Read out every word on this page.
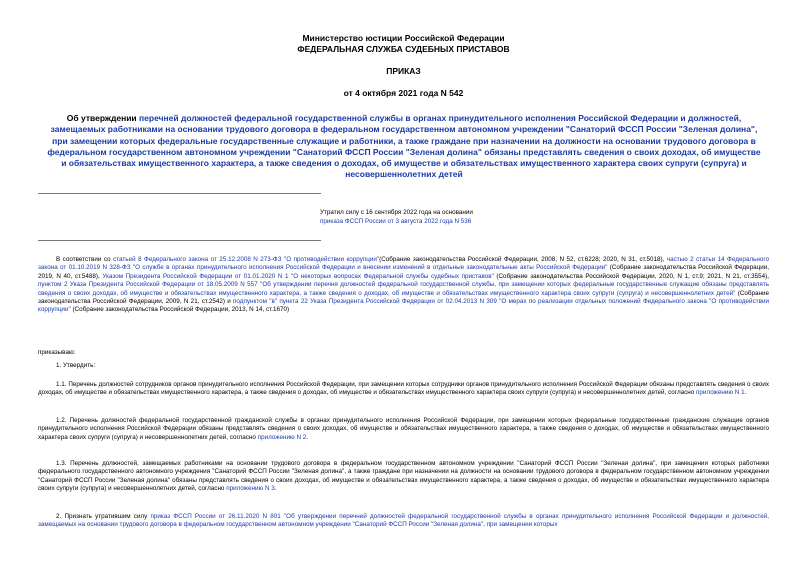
Министерство юстиции Российской Федерации
ФЕДЕРАЛЬНАЯ СЛУЖБА СУДЕБНЫХ ПРИСТАВОВ
ПРИКАЗ
от 4 октября 2021 года N 542
Об утверждении перечней должностей федеральной государственной службы в органах принудительного исполнения Российской Федерации и должностей, замещаемых работниками на основании трудового договора в федеральном государственном автономном учреждении "Санаторий ФССП России "Зеленая долина", при замещении которых федеральные государственные служащие и работники, а также граждане при назначении на должности на основании трудового договора в федеральном государственном автономном учреждении "Санаторий ФССП России "Зеленая долина" обязаны представлять сведения о своих доходах, об имуществе и обязательствах имущественного характера, а также сведения о доходах, об имуществе и обязательствах имущественного характера своих супруги (супруга) и несовершеннолетних детей
Утратил силу с 16 сентября 2022 года на основании
приказа ФССП России от 3 августа 2022 года N 536
В соответствии со статьей 8 Федерального закона от 25.12.2008 N 273-ФЗ "О противодействии коррупции"(Собрание законодательства Российской Федерации, 2008, N 52, ст.6228; 2020, N 31, ст.5018), частью 2 статьи 14 Федерального закона от 01.10.2019 N 328-ФЗ "О службе в органах принудительного исполнения Российской Федерации и внесении изменений в отдельные законодательные акты Российской Федерации" (Собрание законодательства Российской Федерации, 2019, N 40, ст.5488), Указом Президента Российской Федерации от 01.01.2020 N 1 "О некоторых вопросах Федеральной службы судебных приставов" (Собрание законодательства Российской Федерации, 2020, N 1, ст.9; 2021, N 21, ст.3554), пунктом 2 Указа Президента Российской Федерации от 18.05.2009 N 557 "Об утверждении перечня должностей федеральной государственной службы, при замещении которых федеральные государственные служащие обязаны представлять сведения о своих доходах, об имуществе и обязательствах имущественного характера, а также сведения о доходах, об имуществе и обязательствах имущественного характера своих супруги (супруга) и несовершеннолетних детей" (Собрание законодательства Российской Федерации, 2009, N 21, ст.2542) и подпунктом "в" пункта 22 Указа Президента Российской Федерации от 02.04.2013 N 309 "О мерах по реализации отдельных положений Федерального закона "О противодействии коррупции" (Собрание законодательства Российской Федерации, 2013, N 14, ст.1670)
приказываю:
1. Утвердить:
1.1. Перечень должностей сотрудников органов принудительного исполнения Российской Федерации, при замещении которых сотрудники органов принудительного исполнения Российской Федерации обязаны представлять сведения о своих доходах, об имуществе и обязательствах имущественного характера, а также сведения о доходах, об имуществе и обязательствах имущественного характера своих супруги (супруга) и несовершеннолетних детей, согласно приложению N 1.
1.2. Перечень должностей федеральной государственной гражданской службы в органах принудительного исполнения Российской Федерации, при замещении которых федеральные государственные гражданские служащие органов принудительного исполнения Российской Федерации обязаны представлять сведения о своих доходах, об имуществе и обязательствах имущественного характера, а также сведения о доходах, об имуществе и обязательствах имущественного характера своих супруги (супруга) и несовершеннолетних детей, согласно приложению N 2.
1.3. Перечень должностей, замещаемых работниками на основании трудового договора в федеральном государственном автономном учреждении "Санаторий ФССП России "Зеленая долина", при замещении которых работники федерального государственного автономного учреждения "Санаторий ФССП России "Зеленая долина", а также граждане при назначении на должности на основании трудового договора в федеральном государственном автономном учреждении "Санаторий ФССП России "Зеленая долина" обязаны представлять сведения о своих доходах, об имуществе и обязательствах имущественного характера, а также сведения о доходах, об имуществе и обязательствах имущественного характера своих супруги (супруга) и несовершеннолетних детей, согласно приложению N 3.
2. Признать утратившим силу приказ ФССП России от 26.11.2020 N 801 "Об утверждении перечней должностей федеральной государственной службы в органах принудительного исполнения Российской Федерации и должностей, замещаемых на основании трудового договора в федеральном государственном автономном учреждении "Санаторий ФССП России "Зеленая долина", при замещении которых
